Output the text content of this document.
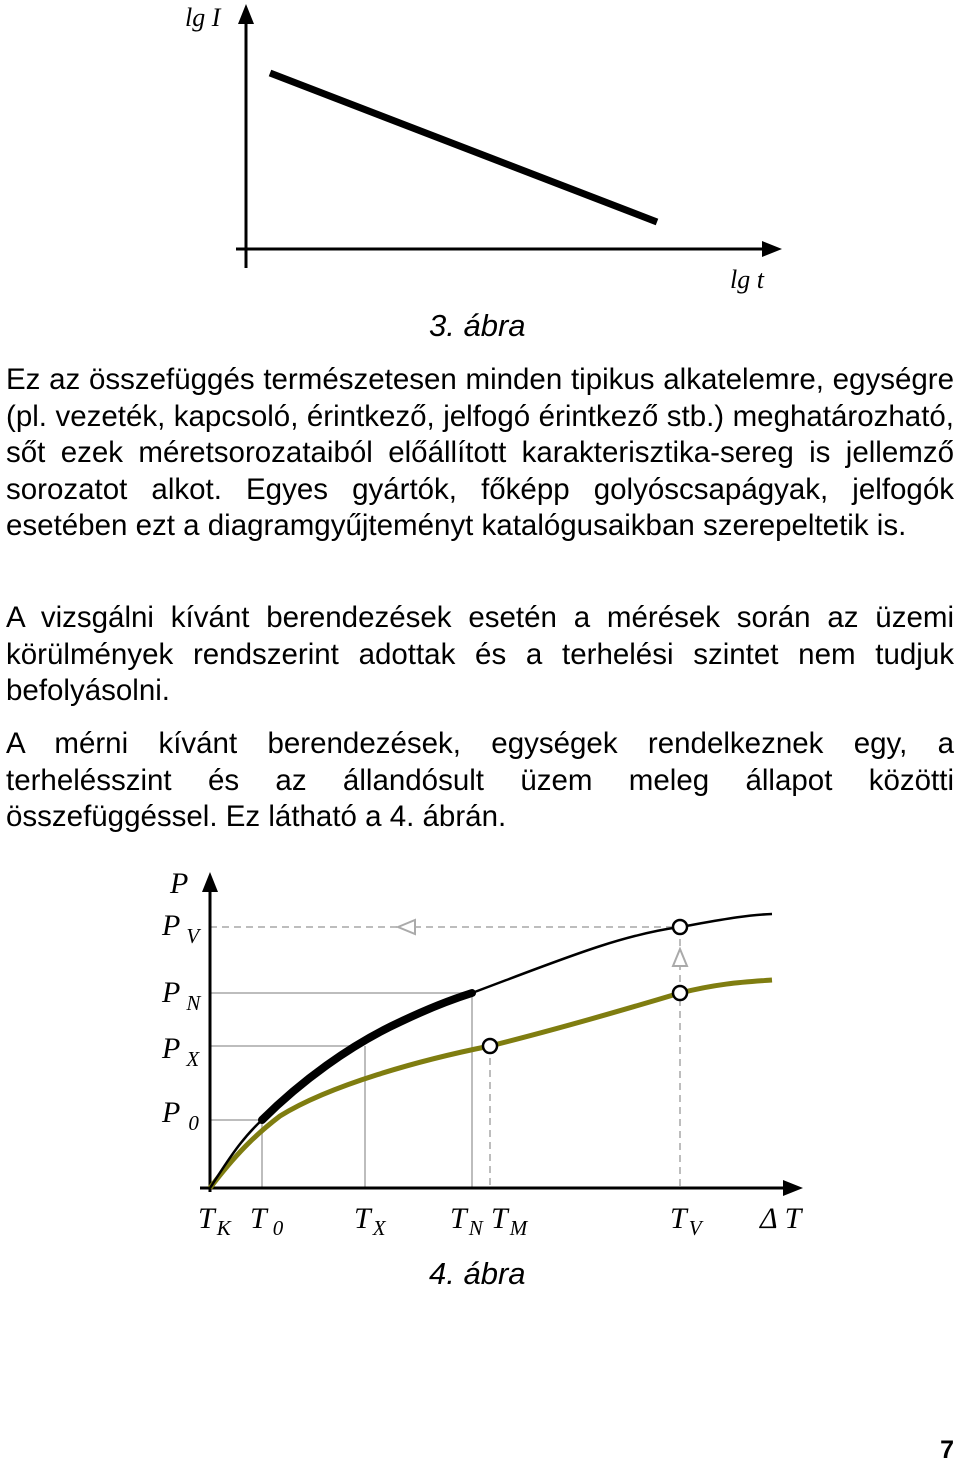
lg I
lg t
3. ábra

Ez az összefüggés természetesen minden tipikus alkatelemre, egységre (pl. vezeték, kapcsoló, érintkező, jelfogó érintkező stb.) meghatározható, sőt ezek méretsorozataiból előállított karakterisztika-sereg is jellemző sorozatot alkot. Egyes gyártók, főképp golyóscsapágyak, jelfogók esetében ezt a diagramgyűjteményt katalógusaikban szerepeltetik is.

A vizsgálni kívánt berendezések esetén a mérések során az üzemi körülmények rendszerint adottak és a terhelési szintet nem tudjuk befolyásolni.

A mérni kívánt berendezések, egységek rendelkeznek egy, a terhelésszint és az állandósult üzem meleg állapot közötti összefüggéssel. Ez látható a 4. ábrán.

P
P $_V$
P $_N$
P $_X$
P $_0$
$T_K$ T $_0$ $T_X$ $T_N$ $T_M$	$T_V$ Δ T
4. ábra
7
